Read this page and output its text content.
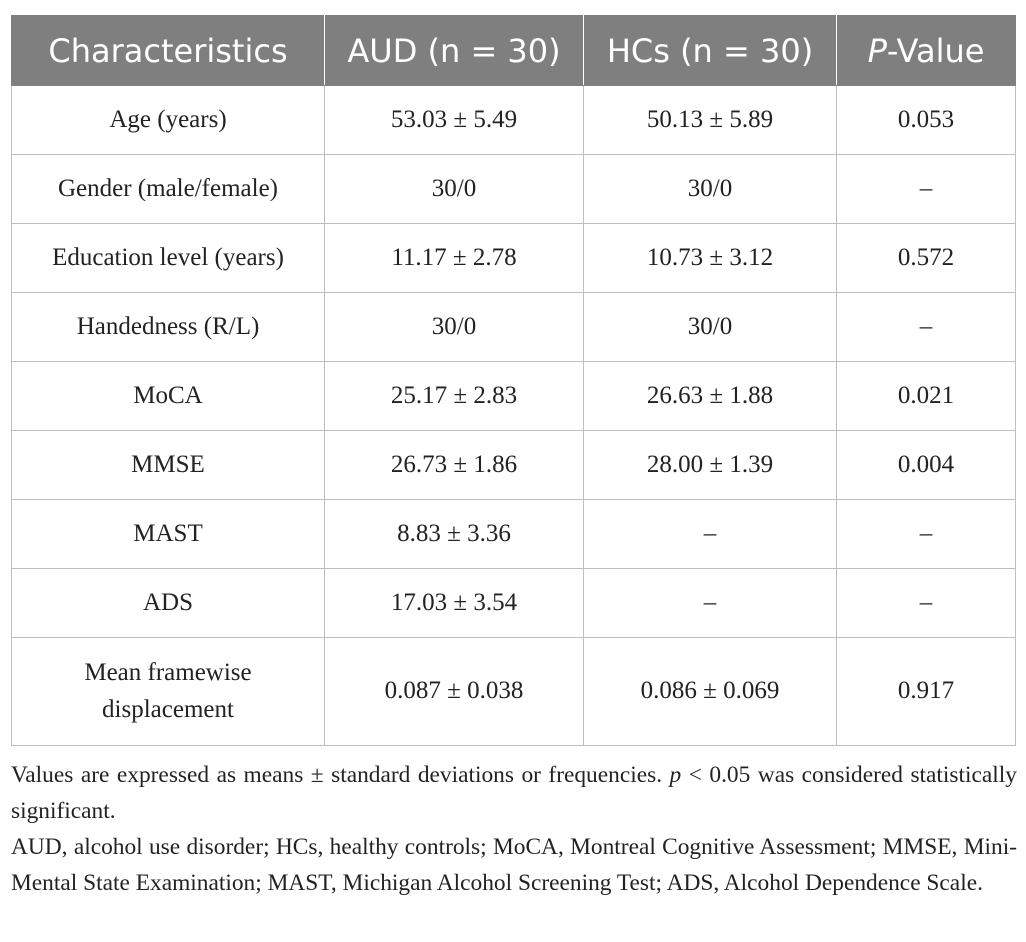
Characteristics	AUD (n = 30)	HCs (n = 30)	P-Value
Age (years)	53.03 ± 5.49	50.13 ± 5.89	0.053
Gender (male/female)	30/0	30/0	–
Education level (years)	11.17 ± 2.78	10.73 ± 3.12	0.572
Handedness (R/L)	30/0	30/0	–
MoCA	25.17 ± 2.83	26.63 ± 1.88	0.021
MMSE	26.73 ± 1.86	28.00 ± 1.39	0.004
MAST	8.83 ± 3.36	–	–
ADS	17.03 ± 3.54	–	–
Mean framewise
displacement	0.087 ± 0.038	0.086 ± 0.069	0.917

Values are expressed as means ± standard deviations or frequencies. p < 0.05 was considered statistically significant.

AUD, alcohol use disorder; HCs, healthy controls; MoCA, Montreal Cognitive Assessment; MMSE, Mini-Mental State Examination; MAST, Michigan Alcohol Screening Test; ADS, Alcohol Dependence Scale.
